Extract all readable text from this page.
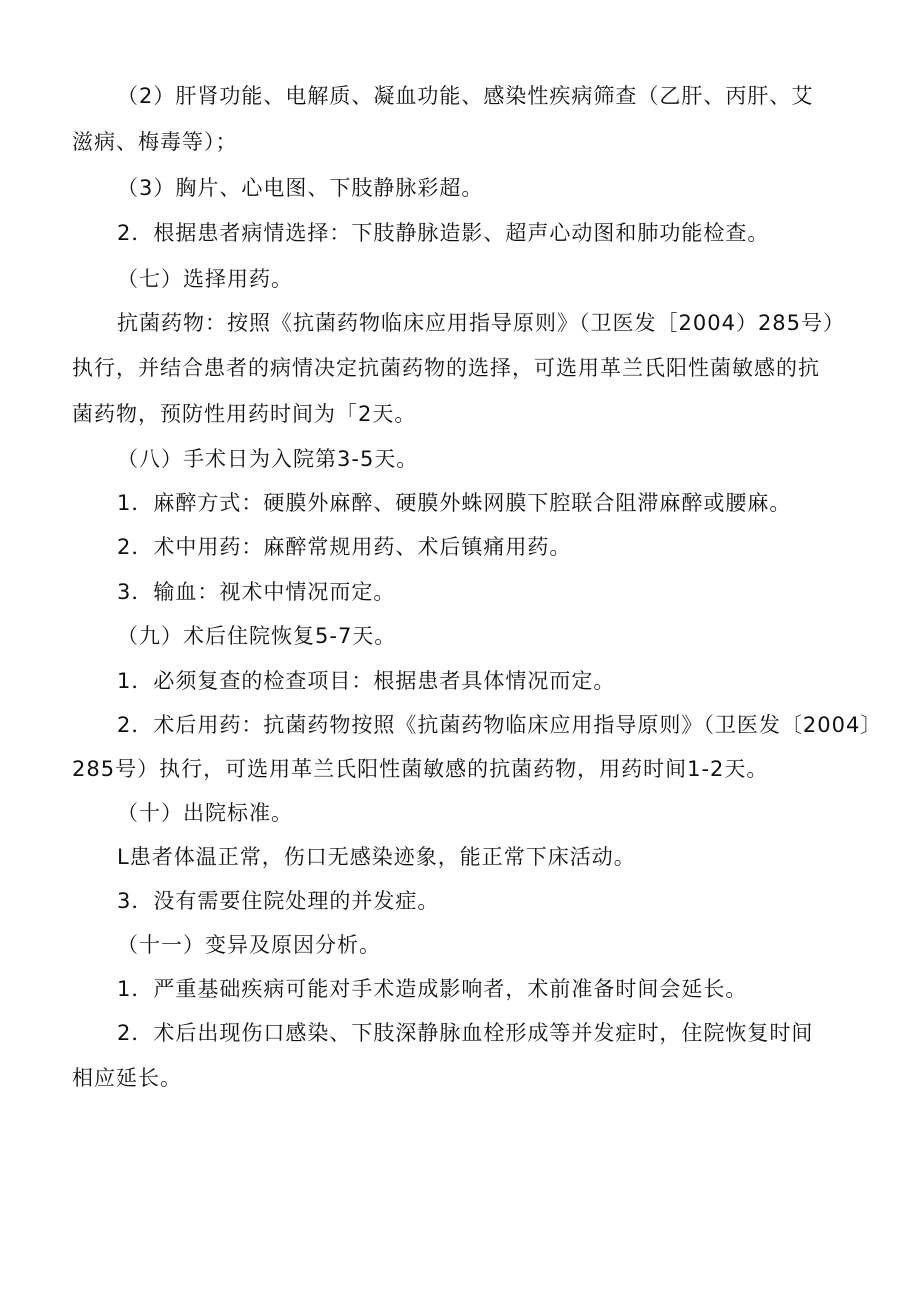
（2）肝肾功能、电解质、凝血功能、感染性疾病筛查（乙肝、丙肝、艾
滋病、梅毒等）；
（3）胸片、心电图、下肢静脉彩超。
2．根据患者病情选择：下肢静脉造影、超声心动图和肺功能检查。
（七）选择用药。
抗菌药物：按照《抗菌药物临床应用指导原则》（卫医发［2004）285号）
执行，并结合患者的病情决定抗菌药物的选择，可选用革兰氏阳性菌敏感的抗
菌药物，预防性用药时间为「2天。
（八）手术日为入院第3-5天。
1．麻醉方式：硬膜外麻醉、硬膜外蛛网膜下腔联合阻滞麻醉或腰麻。
2．术中用药：麻醉常规用药、术后镇痛用药。
3．输血：视术中情况而定。
（九）术后住院恢复5-7天。
1．必须复查的检查项目：根据患者具体情况而定。
2．术后用药：抗菌药物按照《抗菌药物临床应用指导原则》（卫医发〔2004〕
285号）执行，可选用革兰氏阳性菌敏感的抗菌药物，用药时间1-2天。
（十）出院标准。
L患者体温正常，伤口无感染迹象，能正常下床活动。
3．没有需要住院处理的并发症。
（十一）变异及原因分析。
1．严重基础疾病可能对手术造成影响者，术前准备时间会延长。
2．术后出现伤口感染、下肢深静脉血栓形成等并发症时，住院恢复时间
相应延长。
